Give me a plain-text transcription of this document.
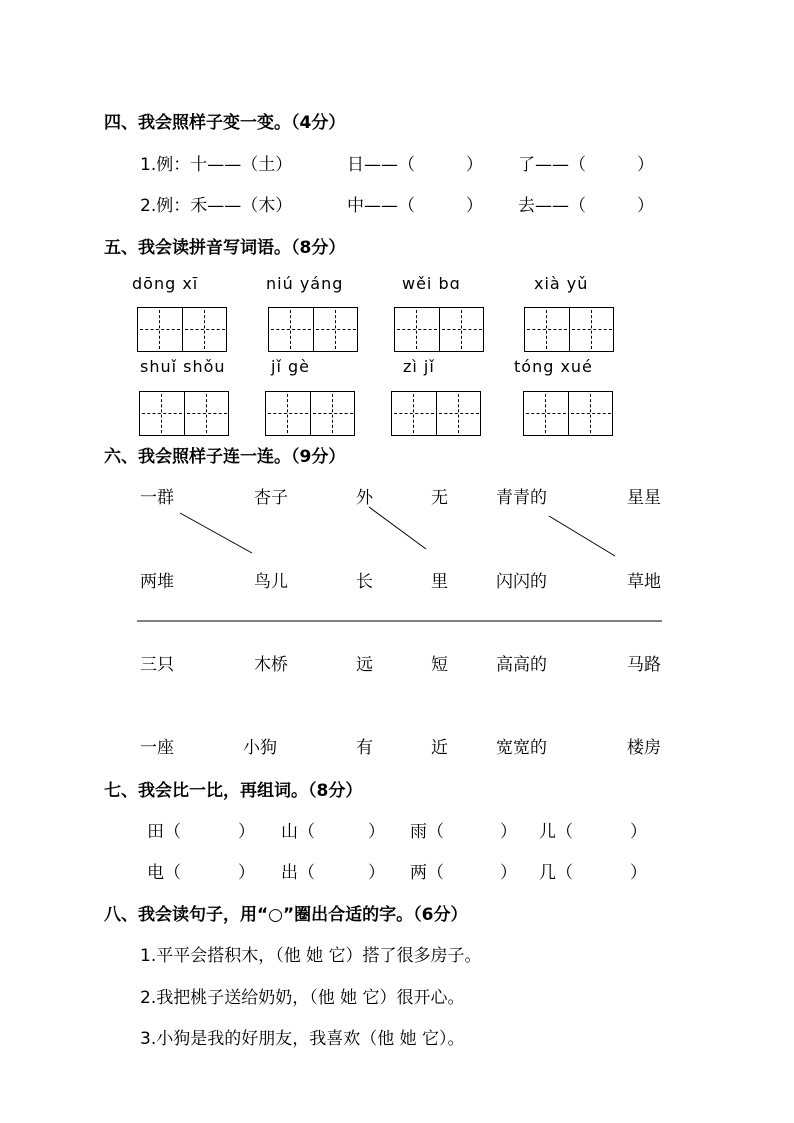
四、我会照样子变一变。（4分）
1.例：十——（土）	日——（	） 了——（	）
2.例：禾——（木）	中——（	） 去——（	）
五、我会读拼音写词语。（8分）
dōng xī	niú yáng	wěi bɑ	xià yǔ
shuǐ shǒu	jǐ gè	zì jǐ	tóng xué
六、我会照样子连一连。（9分）
一群	杏子	外	无	青青的	星星
两堆	鸟儿	长	里	闪闪的	草地
三只	木桥	远	短	高高的	马路
一座	小狗	有	近	宽宽的	楼房
七、我会比一比，再组词。（8分）
田（	） 山（	） 雨（	） 儿（	）
电（	） 出（	） 两（	） 几（	）
八、我会读句子，用“○”圈出合适的字。（6分）
1.平平会搭积木，（他 她 它）搭了很多房子。
2.我把桃子送给奶奶，（他 她 它）很开心。
3.小狗是我的好朋友，我喜欢（他 她 它）。
